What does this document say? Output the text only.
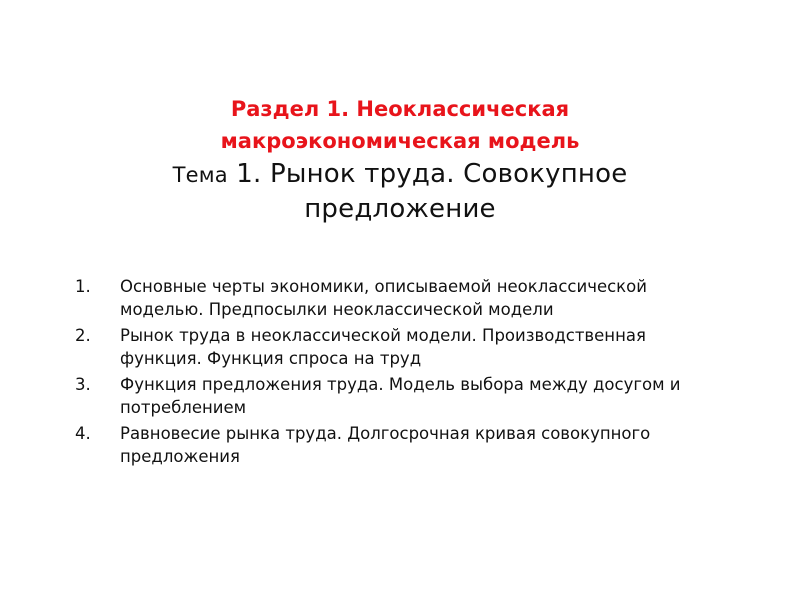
Раздел 1. Неоклассическая

макроэкономическая модель

Тема 1. Рынок труда. Совокупное

предложение

1. Основные черты экономики, описываемой неоклассической
моделью. Предпосылки неоклассической модели
2. Рынок труда в неоклассической модели. Производственная
функция. Функция спроса на труд
3. Функция предложения труда. Модель выбора между досугом и
потреблением
4. Равновесие рынка труда. Долгосрочная кривая совокупного
предложения
